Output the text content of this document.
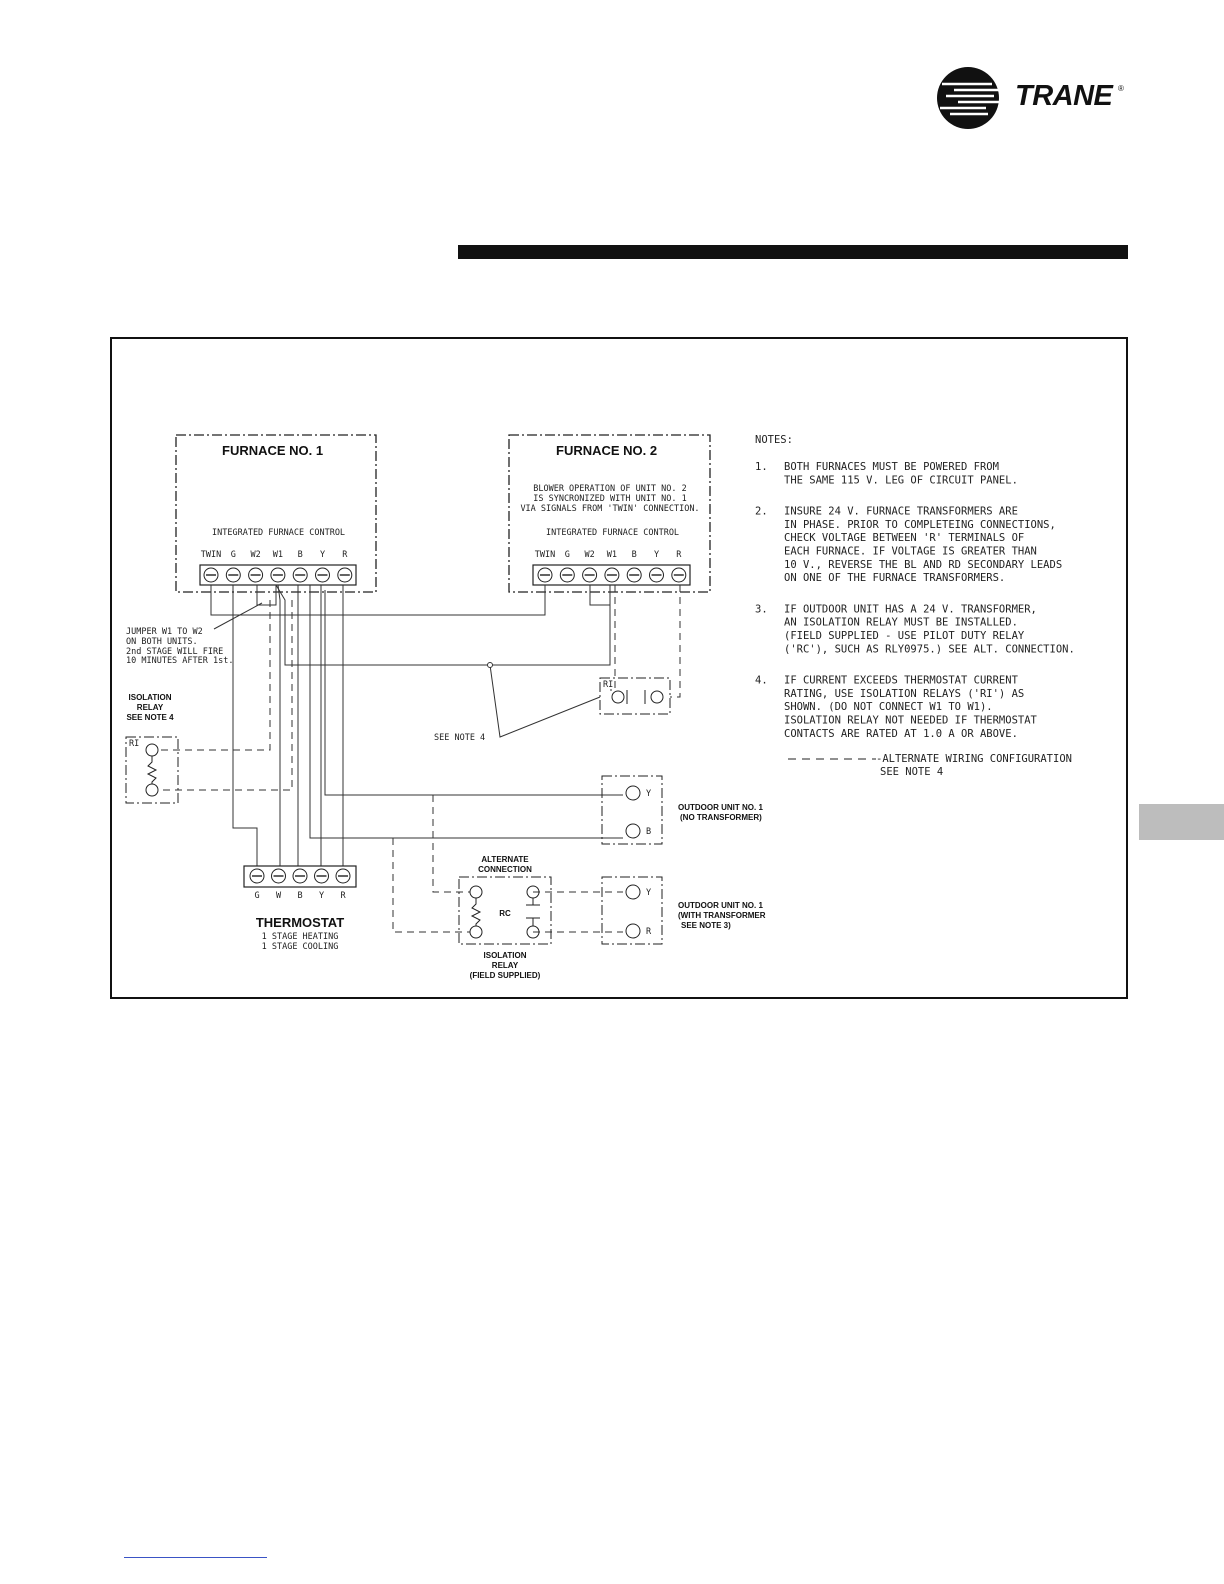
TRANE ®
FURNACE NO. 1
INTEGRATED FURNACE CONTROL
TWIN G W2 W1 B Y R
FURNACE NO. 2
BLOWER OPERATION OF UNIT NO. 2
IS SYNCRONIZED WITH UNIT NO. 1
VIA SIGNALS FROM 'TWIN' CONNECTION.
INTEGRATED FURNACE CONTROL
TWIN G W2 W1 B Y R
JUMPER W1 TO W2
ON BOTH UNITS.
2nd STAGE WILL FIRE
10 MINUTES AFTER 1st.
ISOLATION
RELAY
SEE NOTE 4
RI
RI
SEE NOTE 4
G W B Y R
THERMOSTAT
1 STAGE HEATING
1 STAGE COOLING
ALTERNATE
CONNECTION
RC
ISOLATION
RELAY
(FIELD SUPPLIED)
Y
B
OUTDOOR UNIT NO. 1
(NO TRANSFORMER)
Y
R
OUTDOOR UNIT NO. 1
(WITH TRANSFORMER
SEE NOTE 3)
NOTES:
1. BOTH FURNACES MUST BE POWERED FROM
THE SAME 115 V. LEG OF CIRCUIT PANEL.
2. INSURE 24 V. FURNACE TRANSFORMERS ARE
IN PHASE. PRIOR TO COMPLETEING CONNECTIONS,
CHECK VOLTAGE BETWEEN 'R' TERMINALS OF
EACH FURNACE. IF VOLTAGE IS GREATER THAN
10 V., REVERSE THE BL AND RD SECONDARY LEADS
ON ONE OF THE FURNACE TRANSFORMERS.
3. IF OUTDOOR UNIT HAS A 24 V. TRANSFORMER,
AN ISOLATION RELAY MUST BE INSTALLED.
(FIELD SUPPLIED - USE PILOT DUTY RELAY
('RC'), SUCH AS RLY0975.) SEE ALT. CONNECTION.
4. IF CURRENT EXCEEDS THERMOSTAT CURRENT
RATING, USE ISOLATION RELAYS ('RI') AS
SHOWN. (DO NOT CONNECT W1 TO W1).
ISOLATION RELAY NOT NEEDED IF THERMOSTAT
CONTACTS ARE RATED AT 1.0 A OR ABOVE.
-ALTERNATE WIRING CONFIGURATION
SEE NOTE 4
